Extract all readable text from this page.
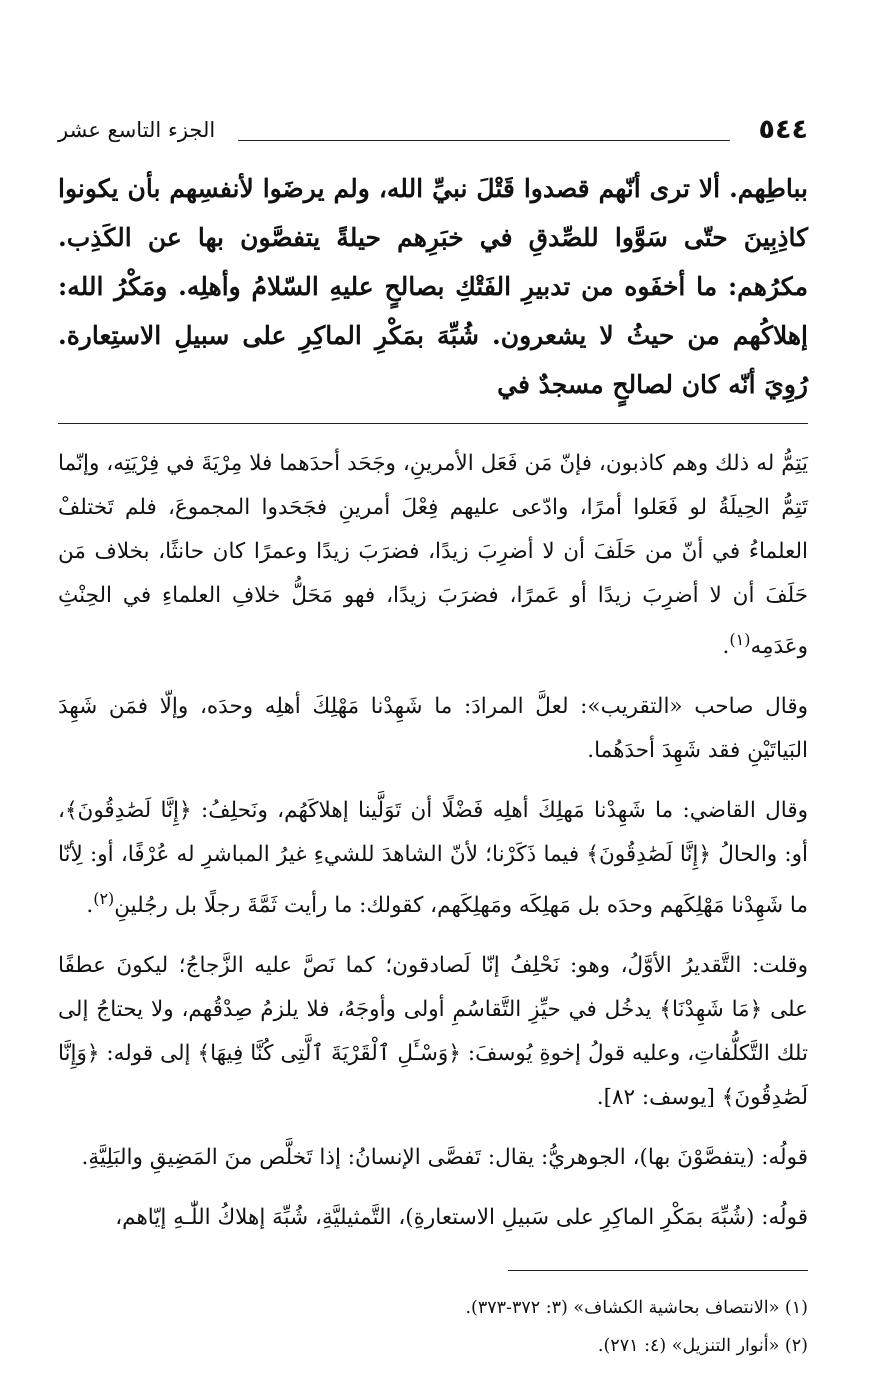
٥٤٤
الجزء التاسع عشر

بباطِهم. ألا ترى أنّهم قصدوا قَتْلَ نبيِّ الله، ولم يرضَوا لأنفسِهم بأن يكونوا كاذِبِينَ حتّى سَوَّوا للصِّدقِ في خبَرِهم حيلةً يتفصَّون بها عن الكَذِب. مكرُهم: ما أخفَوه من تدبيرِ الفَتْكِ بصالحٍ عليهِ السّلامُ وأهلِه. ومَكْرُ الله: إهلاكُهم من حيثُ لا يشعرون. شُبِّهَ بمَكْرِ الماكِرِ على سبيلِ الاستِعارة. رُوِيَ أنّه كان لصالحٍ مسجدٌ في

يَتِمُّ له ذلك وهم كاذبون، فإنّ مَن فَعَل الأمرينِ، وجَحَد أحدَهما فلا مِرْيَةَ في فِرْيَتِه، وإنّما تَتِمُّ الحِيلَةُ لو فَعَلوا أمرًا، وادّعى عليهم فِعْلَ أمرينِ فجَحَدوا المجموعَ، فلم تَختلفْ العلماءُ في أنّ من حَلَفَ أن لا أضرِبَ زيدًا، فضرَبَ زيدًا وعمرًا كان حانثًا، بخلاف مَن حَلَفَ أن لا أضرِبَ زيدًا أو عَمرًا، فضرَبَ زيدًا، فهو مَحَلُّ خلافِ العلماءِ في الحِنْثِ وعَدَمِه$^{(١)}$.

وقال صاحب «التقريب»: لعلَّ المرادَ: ما شَهِدْنا مَهْلِكَ أهلِه وحدَه، وإلّا فمَن شَهِدَ البَياتَيْنِ فقد شَهِدَ أحدَهُما.

وقال القاضي: ما شَهِدْنا مَهلِكَ أهلِه فَضْلًا أن تَوَلَّينا إهلاكَهُم، ونَحلِفُ: ﴿إِنَّا لَصَٰدِقُونَ﴾، أو: والحالُ ﴿إِنَّا لَصَٰدِقُونَ﴾ فيما ذَكَرْنا؛ لأنّ الشاهدَ للشيءِ غيرُ المباشرِ له عُرْفًا، أو: لِأنّا ما شَهِدْنا مَهْلِكَهم وحدَه بل مَهلِكَه ومَهلِكَهم، كقولك: ما رأيت ثَمَّةَ رجلًا بل رجُلينِ$^{(٢)}$.

وقلت: التَّقديرُ الأوَّلُ، وهو: نَحْلِفُ إنّا لَصادقون؛ كما نَصَّ عليه الزَّجاجُ؛ ليكونَ عطفًا على ﴿مَا شَهِدْنَا﴾ يدخُل في حيِّزِ التَّقاسُمِ أولى وأوجَهُ، فلا يلزمُ صِدْقُهم، ولا يحتاجُ إلى تلك التَّكلُّفاتِ، وعليه قولُ إخوةِ يُوسفَ: ﴿وَسْـَٔلِ ٱلْقَرْيَةَ ٱلَّتِى كُنَّا فِيهَا﴾ إلى قوله: ﴿وَإِنَّا لَصَٰدِقُونَ﴾ [يوسف: ٨٢].

قولُه: (يتفصَّوْنَ بها)، الجوهريُّ: يقال: تَفصَّى الإنسانُ: إذا تَخلَّص منَ المَضِيقِ والبَلِيَّةِ.

قولُه: (شُبِّهَ بمَكْرِ الماكِرِ على سَبيلِ الاستعارةِ)، التَّمثيليَّةِ، شُبِّهَ إهلاكُ اللّٰـهِ إيّاهم،

(١) «الانتصاف بحاشية الكشاف» (٣: ٣٧٢-٣٧٣).

(٢) «أنوار التنزيل» (٤: ٢٧١).
